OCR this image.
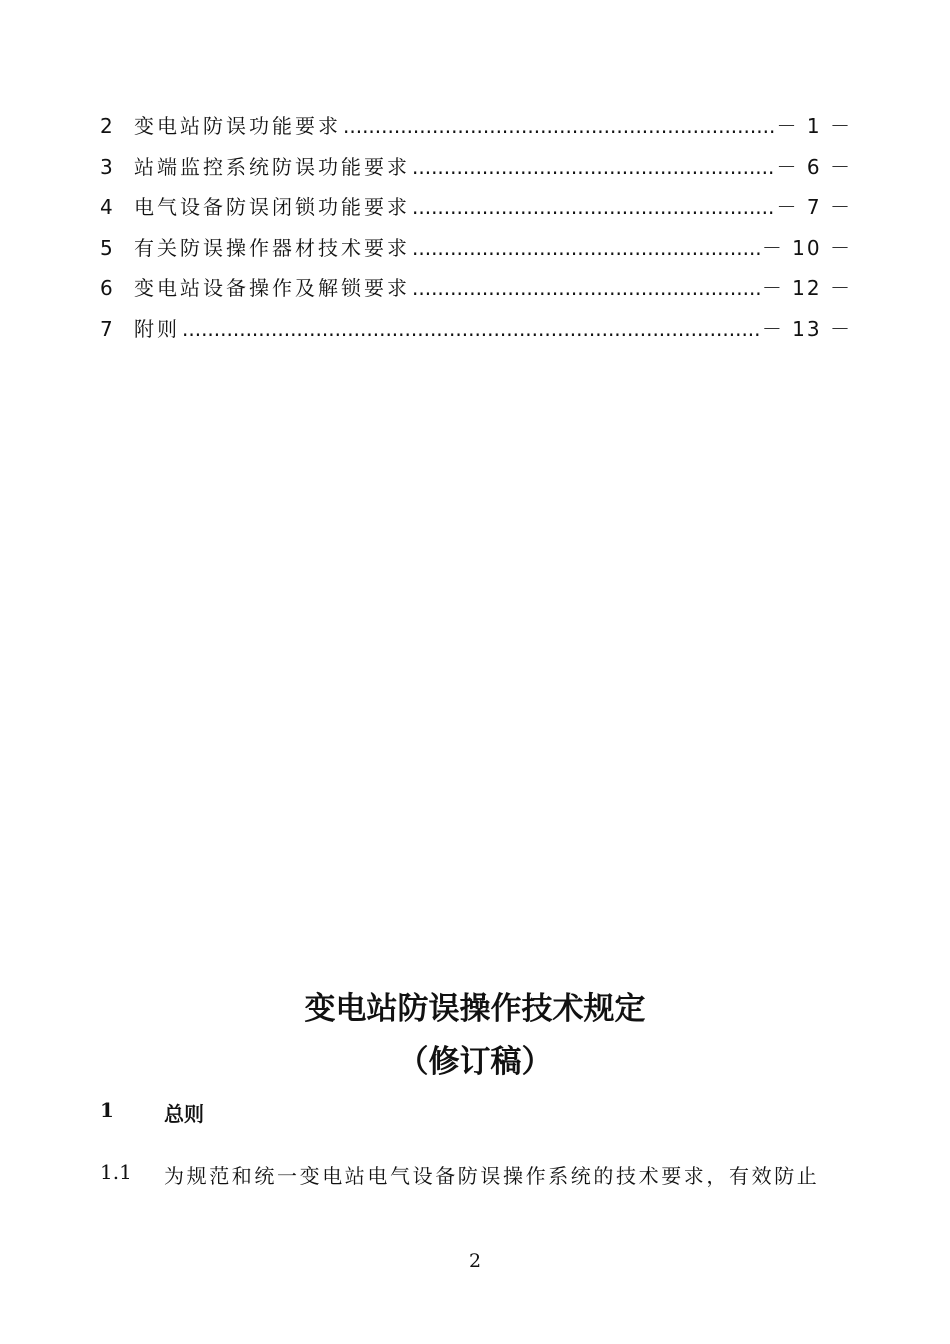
2 变电站防误功能要求 .....	－ 1 －
3 站端监控系统防误功能要求 .....	－ 6 －
4 电气设备防误闭锁功能要求 .....	－ 7 －
5 有关防误操作器材技术要求 .....	－ 10 －
6 变电站设备操作及解锁要求 .....	－ 12 －
7 附则 .....	－ 13 －
变电站防误操作技术规定
（修订稿）
1	总则
1.1	为规范和统一变电站电气设备防误操作系统的技术要求，有效防止
2
